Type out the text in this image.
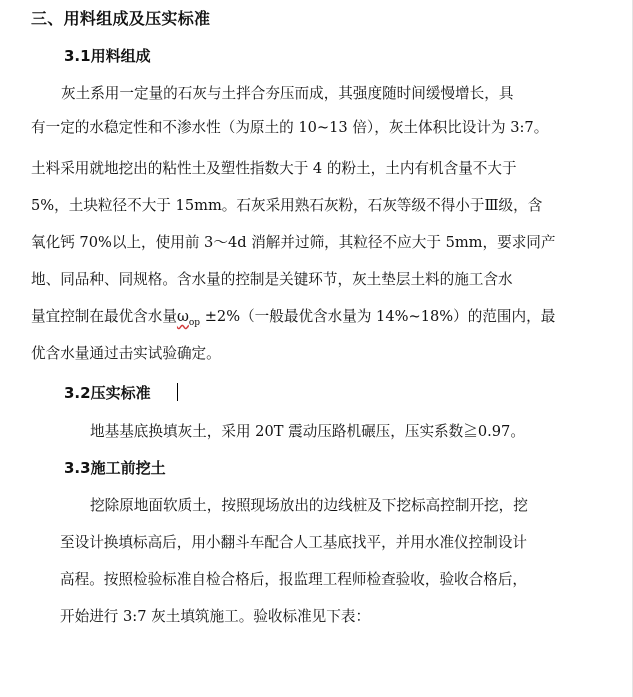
三、用料组成及压实标准
3.1用料组成
灰土系用一定量的石灰与土拌合夯压而成，其强度随时间缓慢增长，具
有一定的水稳定性和不渗水性（为原土的 10~13 倍），灰土体积比设计为 3:7。
土料采用就地挖出的粘性土及塑性指数大于 4 的粉土，土内有机含量不大于
5%，土块粒径不大于 15mm。石灰采用熟石灰粉，石灰等级不得小于Ⅲ级，含
氧化钙 70%以上，使用前 3～4d 消解并过筛，其粒径不应大于 5mm，要求同产
地、同品种、同规格。含水量的控制是关键环节，灰土垫层土料的施工含水
量宜控制在最优含水量$\omega_{op} \pm 2\%$（一般最优含水量为 14%~18%）的范围内，最
优含水量通过击实试验确定。
3.2压实标准
地基基底换填灰土，采用 20T 震动压路机碾压，压实系数≧0.97。
3.3施工前挖土
挖除原地面软质土，按照现场放出的边线桩及下挖标高控制开挖，挖
至设计换填标高后，用小翻斗车配合人工基底找平，并用水准仪控制设计
高程。按照检验标准自检合格后，报监理工程师检查验收，验收合格后，
开始进行 3:7 灰土填筑施工。验收标准见下表：
